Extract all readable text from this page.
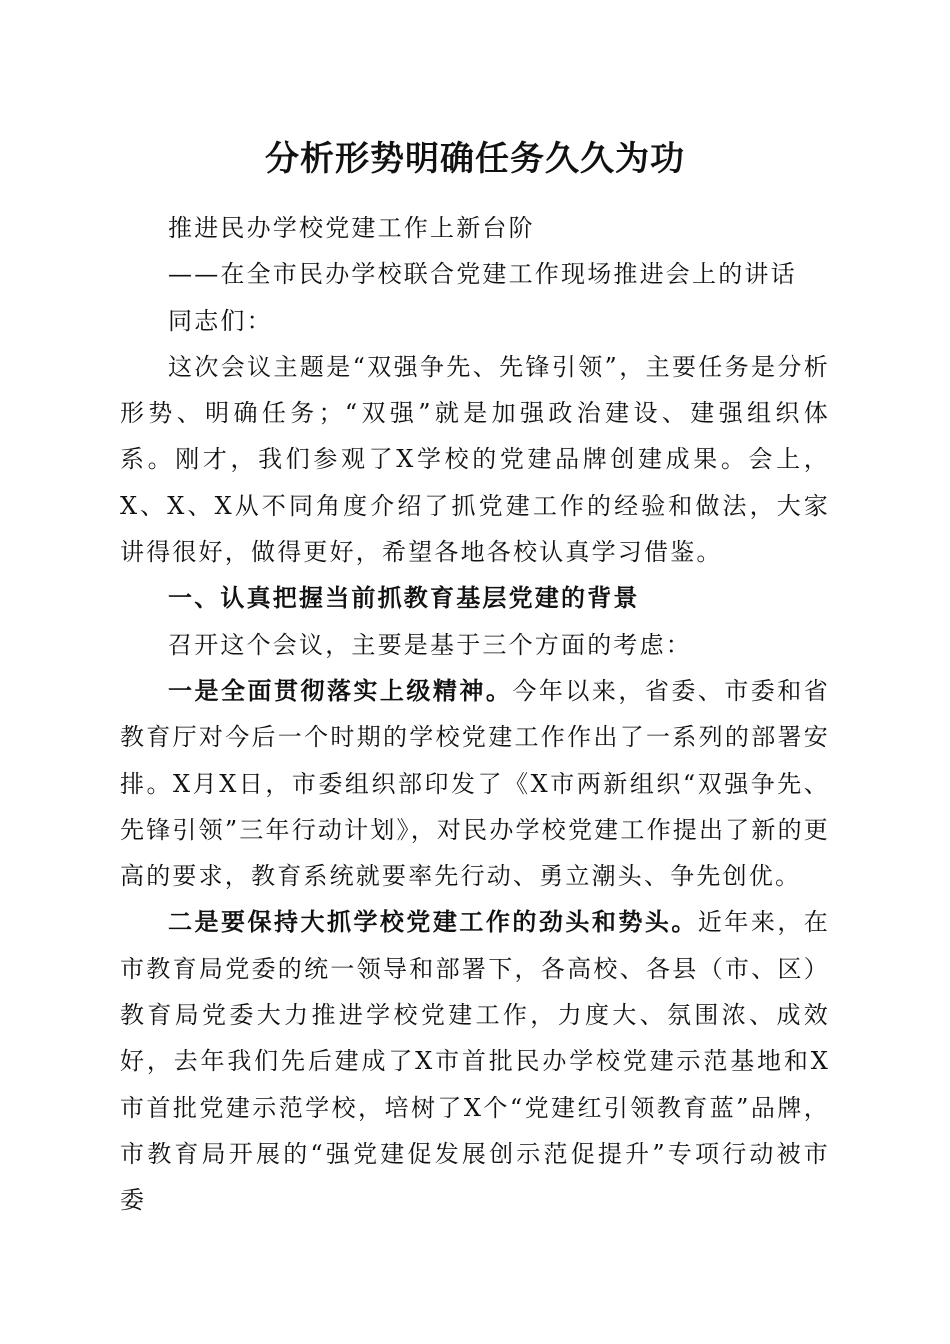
分析形势明确任务久久为功

推进民办学校党建工作上新台阶

——在全市民办学校联合党建工作现场推进会上的讲话

同志们：

这次会议主题是“双强争先、先锋引领”，主要任务是分析形势、明确任务；“双强”就是加强政治建设、建强组织体系。刚才，我们参观了X学校的党建品牌创建成果。会上，X、X、X从不同角度介绍了抓党建工作的经验和做法，大家讲得很好，做得更好，希望各地各校认真学习借鉴。

一、认真把握当前抓教育基层党建的背景

召开这个会议，主要是基于三个方面的考虑：

一是全面贯彻落实上级精神。今年以来，省委、市委和省教育厅对今后一个时期的学校党建工作作出了一系列的部署安排。X月X日，市委组织部印发了《X市两新组织“双强争先、先锋引领”三年行动计划》，对民办学校党建工作提出了新的更高的要求，教育系统就要率先行动、勇立潮头、争先创优。

二是要保持大抓学校党建工作的劲头和势头。近年来，在市教育局党委的统一领导和部署下，各高校、各县（市、区）教育局党委大力推进学校党建工作，力度大、氛围浓、成效好，去年我们先后建成了X市首批民办学校党建示范基地和X市首批党建示范学校，培树了X个“党建红引领教育蓝”品牌，市教育局开展的“强党建促发展创示范促提升”专项行动被市委
